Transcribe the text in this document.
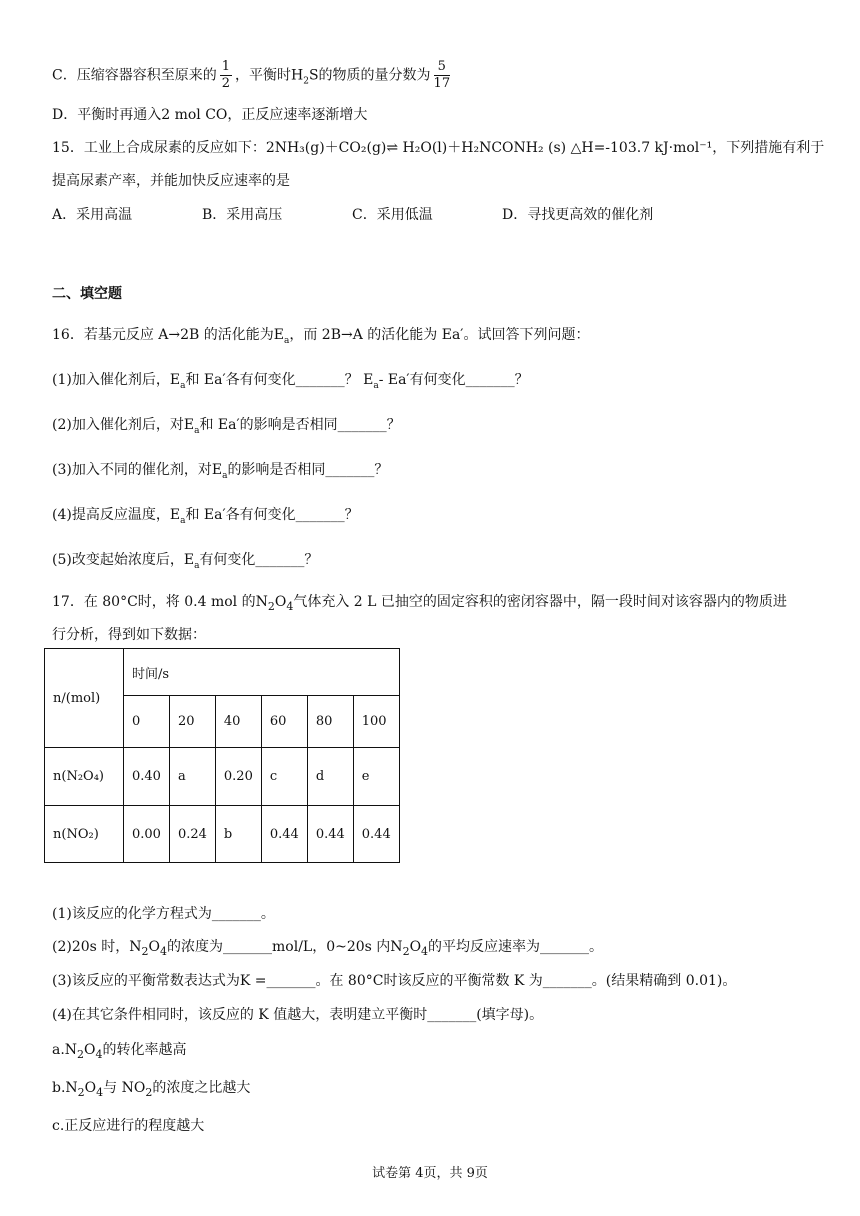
C．压缩容器容积至原来的 $\frac{1}{2}$ ，平衡时$H_2S$的物质的量分数为 $\frac{5}{17}$
D．平衡时再通入2 mol CO，正反应速率逐渐增大
15．工业上合成尿素的反应如下：2NH₃(g)＋CO₂(g)⇌ H₂O(l)＋H₂NCONH₂ (s) △H=-103.7 kJ·mol⁻¹，下列措施有利于
提高尿素产率，并能加快反应速率的是
A．采用高温	B．采用高压	C．采用低温	D．寻找更高效的催化剂
二、填空题
16．若基元反应 A→2B 的活化能为$E_a$，而 2B→A 的活化能为 Ea′。试回答下列问题：
(1)加入催化剂后，$E_a$和 Ea′各有何变化_______？ $E_a-$ Ea′有何变化_______？
(2)加入催化剂后，对$E_a$和 Ea′的影响是否相同_______？
(3)加入不同的催化剂，对$E_a$的影响是否相同_______？
(4)提高反应温度，$E_a$和 Ea′各有何变化_______？
(5)改变起始浓度后，$E_a$有何变化_______？
17．在 80°C时，将 0.4 mol 的$N_2O_4$气体充入 2 L 已抽空的固定容积的密闭容器中，隔一段时间对该容器内的物质进
行分析，得到如下数据：
n/(mol)	时间/s					
	0	20	40	60	80	100
n(N₂O₄)	0.40	a	0.20	c	d	e
n(NO₂)	0.00	0.24	b	0.44	0.44	0.44
(1)该反应的化学方程式为_______。
(2)20s 时，$N_2O_4$的浓度为_______mol/L，0~20s 内$N_2O_4$的平均反应速率为_______。
(3)该反应的平衡常数表达式为K =_______。在 80°C时该反应的平衡常数 K 为_______。(结果精确到 0.01)。
(4)在其它条件相同时，该反应的 K 值越大，表明建立平衡时_______(填字母)。
$a.N_2O_4$的转化率越高
$b.N_2O_4$与 $NO_2$的浓度之比越大
c.正反应进行的程度越大
试卷第 4页，共 9页
